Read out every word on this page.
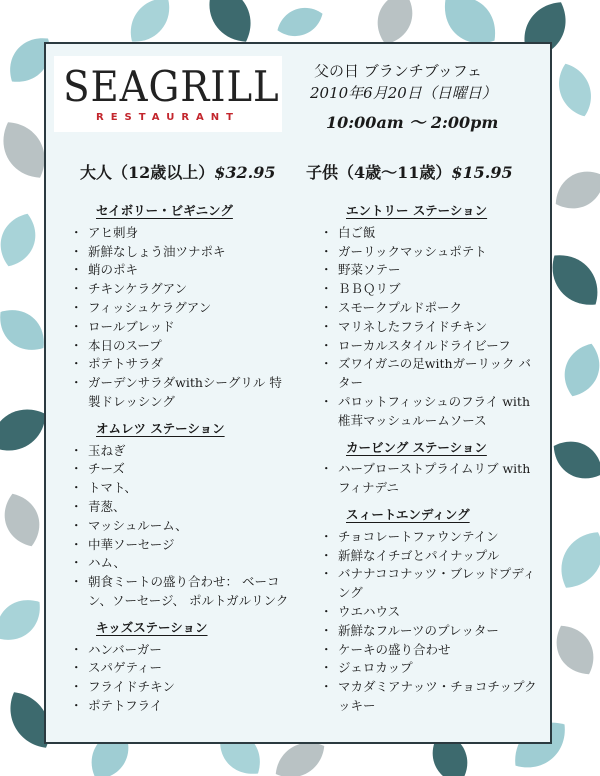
SEAGRILL
RESTAURANT
父の日 ブランチブッフェ
2010年6月20日（日曜日）
10:00am 〜 2:00pm
大人（12歳以上）$32.95 子供（4歳〜11歳）$15.95
セイボリー・ビギニング
・ アヒ刺身
・ 新鮮なしょう油ツナポキ
・ 蛸のポキ
・ チキンケラグアン
・ フィッシュケラグアン
・ ロールブレッド
・ 本日のスープ
・ ポテトサラダ
・ ガーデンサラダwithシーグリル 特製ドレッシング
オムレツ ステーション
・ 玉ねぎ
・ チーズ
・ トマト、
・ 青葱、
・ マッシュルーム、
・ 中華ソーセージ
・ ハム、
・ 朝食ミートの盛り合わせ： ベーコン、ソーセージ、 ポルトガルリンク
キッズステーション
・ ハンバーガー
・ スパゲティー
・ フライドチキン
・ ポテトフライ
エントリー ステーション
・ 白ご飯
・ ガーリックマッシュポテト
・ 野菜ソテー
・ ＢＢＱリブ
・ スモークプルドポーク
・ マリネしたフライドチキン
・ ローカルスタイルドライビーフ
・ ズワイガニの足withガーリック バター
・ パロットフィッシュのフライ with椎茸マッシュルームソース
カービング ステーション
・ ハーブローストプライムリブ withフィナデニ
スィートエンディング
・ チョコレートファウンテイン
・ 新鮮なイチゴとパイナップル
・ バナナココナッツ・ブレッドプディング
・ ウエハウス
・ 新鮮なフルーツのプレッター
・ ケーキの盛り合わせ
・ ジェロカップ
・ マカダミアナッツ・チョコチップクッキー
